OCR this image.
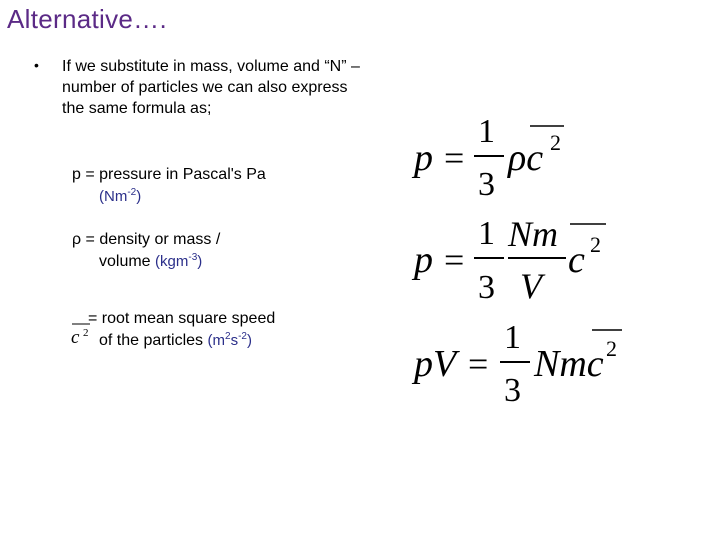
Alternative….
• If we substitute in mass, volume and “N” – number of particles we can also express the same formula as;
p = pressure in Pascal's Pa
$(Nm^{-2})$
ρ = density or mass /
volume (kgm$^{-3}$)
c 2
= root mean square speed
of the particles $(m^2s^{-2})$
p =
1
3
ρc 2
p =
1
3
Nm
V
c 2
pV =
1
3
Nmc 2
